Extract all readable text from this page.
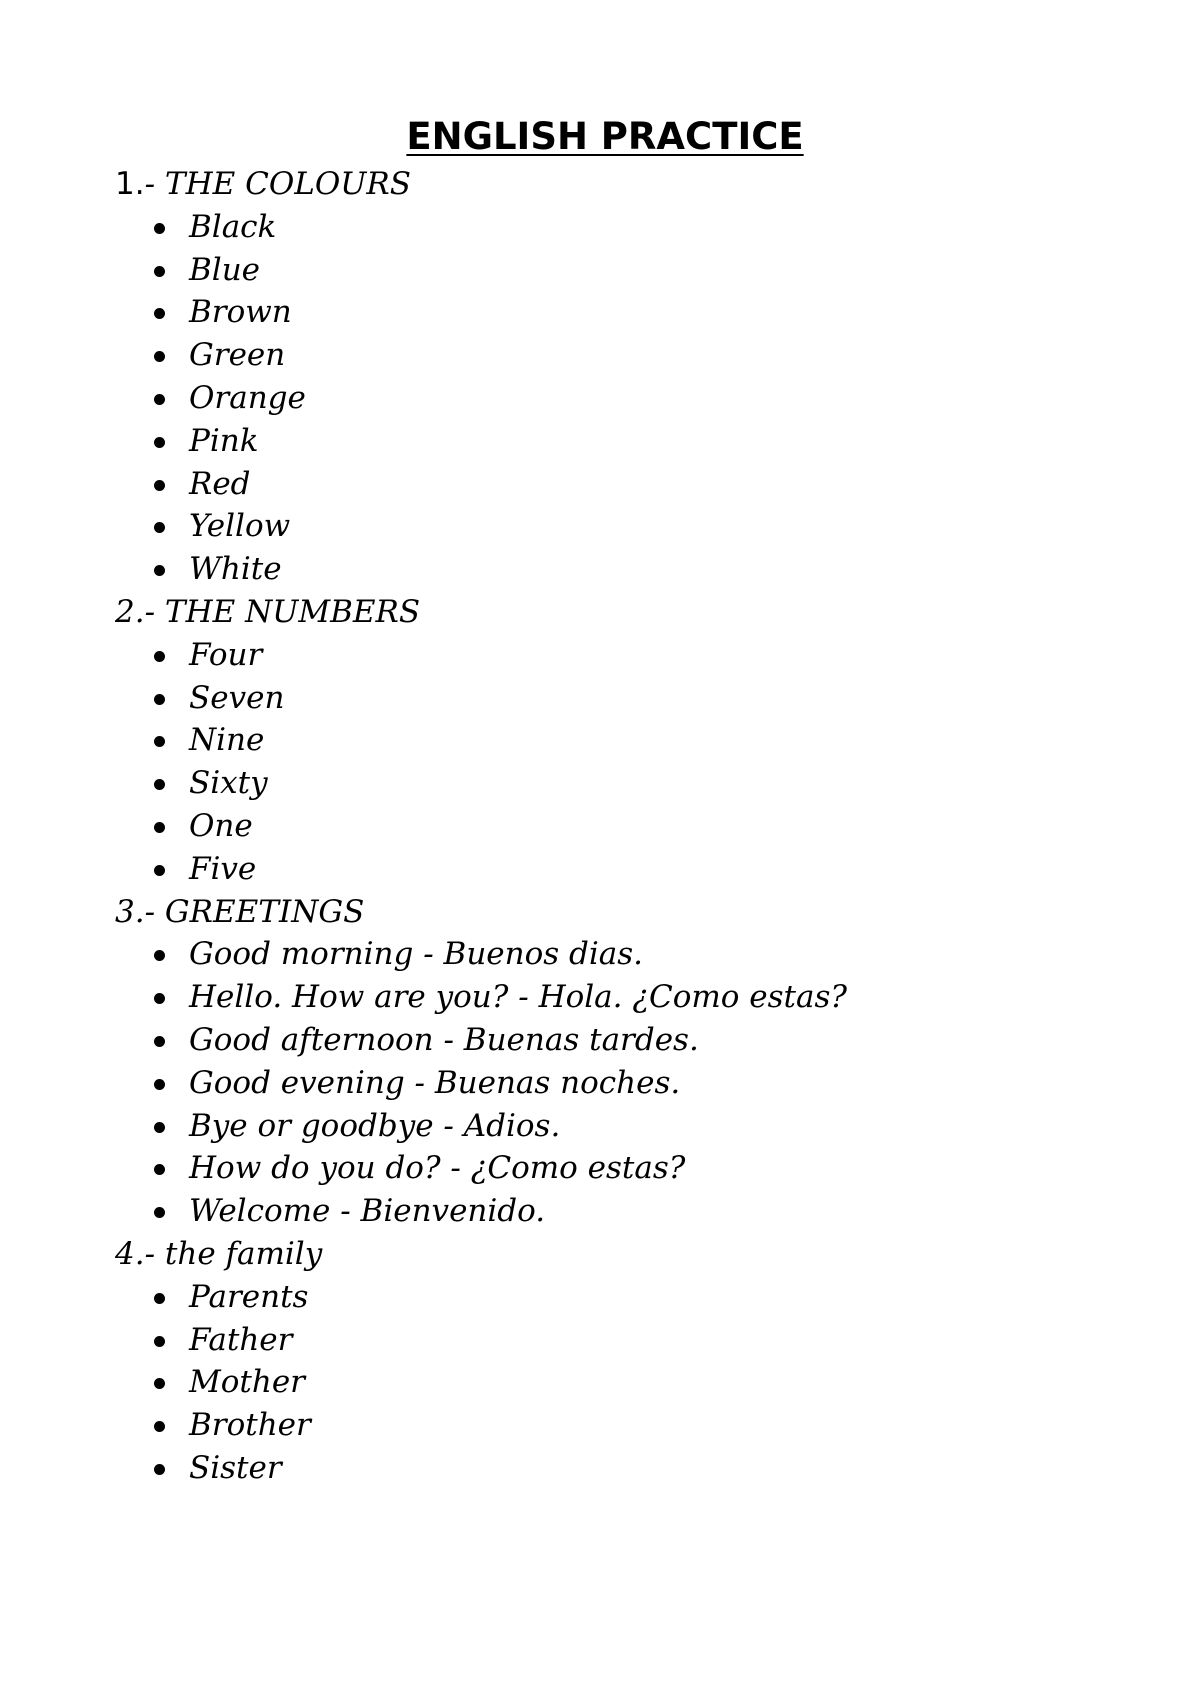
ENGLISH PRACTICE
1.- THE COLOURS
Black
Blue
Brown
Green
Orange
Pink
Red
Yellow
White
2.- THE NUMBERS
Four
Seven
Nine
Sixty
One
Five
3.- GREETINGS
Good morning - Buenos dias.
Hello. How are you? - Hola. ¿Como estas?
Good afternoon - Buenas tardes.
Good evening - Buenas noches.
Bye or goodbye - Adios.
How do you do? - ¿Como estas?
Welcome - Bienvenido.
4.- the family
Parents
Father
Mother
Brother
Sister
